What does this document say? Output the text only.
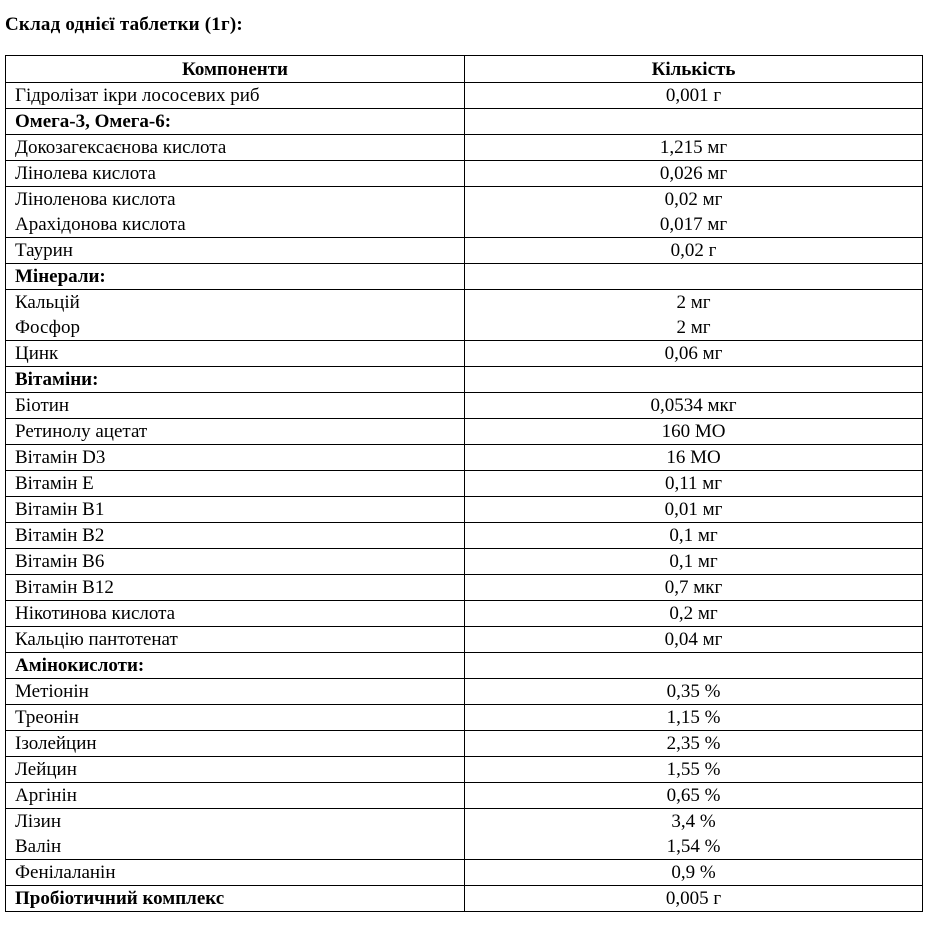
Склад однієї таблетки (1г):
Компоненти	Кількість
Гідролізат ікри лососевих риб	0,001 г
Омега-3, Омега-6:	
Докозагексаєнова кислота	1,215 мг
Лінолева кислота	0,026 мг
Ліноленова кислота	0,02 мг
Арахідонова кислота	0,017 мг
Таурин	0,02 г
Мінерали:	
Кальцій	2 мг
Фосфор	2 мг
Цинк	0,06 мг
Вітаміни:	
Біотин	0,0534 мкг
Ретинолу ацетат	160 МО
Вітамін D3	16 МО
Вітамін Е	0,11 мг
Вітамін В1	0,01 мг
Вітамін В2	0,1 мг
Вітамін В6	0,1 мг
Вітамін В12	0,7 мкг
Нікотинова кислота	0,2 мг
Кальцію пантотенат	0,04 мг
Амінокислоти:	
Метіонін	0,35 %
Треонін	1,15 %
Ізолейцин	2,35 %
Лейцин	1,55 %
Аргінін	0,65 %
Лізин	3,4 %
Валін	1,54 %
Фенілаланін	0,9 %
Пробіотичний комплекс	0,005 г
